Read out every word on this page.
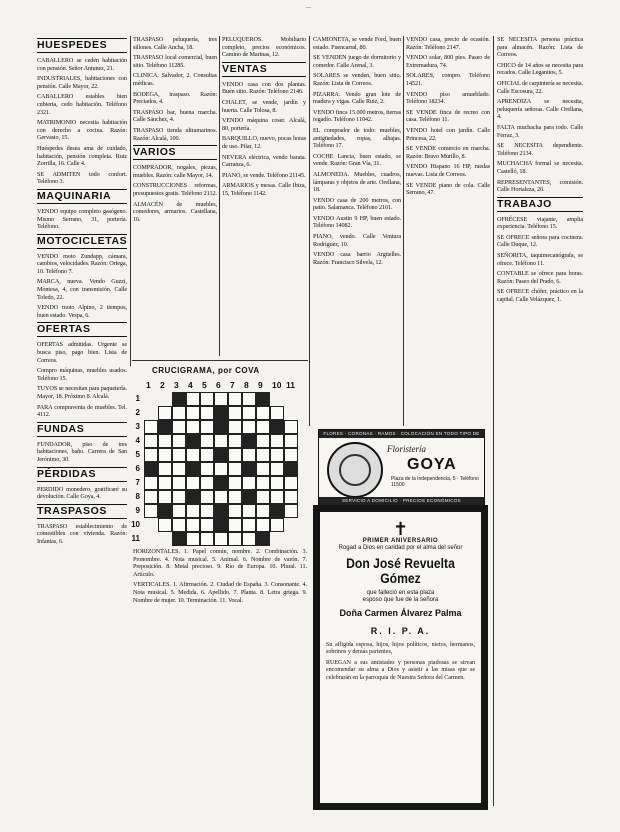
—
HUESPEDES

CABALLERO se ceden habitación con pensión. Señor Antunez, 21.

INDUSTRIALES, habitaciones con pensión. Calle Mayor, 22.

CABALLERO estables bien cubierta, cedo habitación. Teléfono 2321.

MATRIMONIO necesita habitación con derecho a cocina. Razón: Gervasio, 15.

Huéspedes desea ama de cuidado, habitación, pensión completa. Ruiz Zorrilla, 16. Calle 4.

SE ADMITEN todo confort. Teléfono 3.

MAQUINARIA

VENDO equipo completo gasógeno. Mismo Serrano, 31, portería. Teléfono.

MOTOCICLETAS

VENDO moto Zundapp, cámara, cambios, velocidades. Razón: Ortega, 10. Teléfono 7.

MARCA, nueva. Vendo Guzzi, Montesa, 4, con transmisión. Calle Toledo, 22.

VENDO moto Alpino, 2 tiempos, buen estado. Vespa, 6.

OFERTAS

OFERTAS admitidas. Urgente se busca piso, pago bien. Lista de Correos.

Compro máquinas, muebles usados. Teléfono 15.

TUYOS se necesitan para paquetería. Mayor, 18. Próximo 8. Alcalá.

PARA compraventa de muebles. Tel. 4112.

FUNDAS

FUNDADOR, piso de tres habitaciones, baño. Carrera de San Jerónimo, 30.

PÉRDIDAS

PERDIDO monedero, gratificaré su devolución. Calle Goya, 4.

TRASPASOS

TRASPASO establecimiento de comestibles con vivienda. Razón: Infantas, 6.

TRASPASO peluquería, tres sillones. Calle Ancha, 18.

TRASPASO local comercial, buen sitio. Teléfono 11285.

CLINICA. Salvador, 2. Consultas médicas.

BODEGA, traspaso. Razón: Preciados, 4.

TRASPASO bar, buena marcha. Calle Sánchez, 4.

TRASPASO tienda ultramarinos. Razón: Alcalá, 100.

VARIOS

COMPRADOR, nogales, piezas, muebles. Razón: calle Mayor, 14.

CONSTRUCCIONES reformas, presupuestos gratis. Teléfono 2112.

ALMACÉN de muebles, comedores, armarios. Castellana, 16.

PELUQUEROS. Mobiliario completo, precios económicos. Camino de Marinas, 12.

VENTAS

VENDO casa con dos plantas. Buen sitio. Razón: Teléfono 2146.

CHALET, se vende, jardín y huerta. Calle Tolosa, 8.

VENDO máquina coser. Alcalá, 80, portería.

BARQUILLO, nuevo, pocas horas de uso. Pilar, 12.

NEVERA eléctrica, vendo barata. Carranza, 6.

PIANO, se vende. Teléfono 21145.

ARMARIOS y mesas. Calle Ibiza, 15, Teléfono 1142.

CAMIONETA, se vende Ford, buen estado. Fuencarral, 80.

SE VENDEN juego de dormitorio y comedor. Calle Arenal, 3.

SOLARES se venden, buen sitio. Razón: Lista de Correos.

PIZARRA. Vendo gran lote de madera y vigas. Calle Ruiz, 2.

VENDO finca 15.000 metros, tierras regadío. Teléfono 11042.

EL comprador de todo: muebles, antigüedades, ropas, alhajas. Teléfono 17.

COCHE Lancia, buen estado, se vende. Razón: Gran Vía, 31.

ALMONEDA. Muebles, cuadros, lámparas y objetos de arte. Orellana, 18.

VENDO casa de 200 metros, con patio. Salamanca. Teléfono 2101.

VENDO Austin 9 HP, buen estado. Teléfono 14082.

PIANO, vendo. Calle Ventura Rodríguez, 10.

VENDO casa barrio Argüelles. Razón: Francisco Silvela, 12.

VENDO casa, precio de ocasión. Razón: Teléfono 2147.

VENDO solar, 800 pies. Paseo de Extremadura, 74.

SOLARES, compro. Teléfono 14521.

VENDO piso amueblado. Teléfono 18234.

SE VENDE finca de recreo con casa. Teléfono 11.

VENDO hotel con jardín. Calle Princesa, 22.

SE VENDE comercio en marcha. Razón: Bravo Murillo, 8.

VENDO Hispano 16 HP, ruedas nuevas. Lista de Correos.

SE VENDE piano de cola. Calle Serrano, 47.

SE NECESITA persona práctica para almacén. Razón: Lista de Correos.

CHICO de 14 años se necesita para recados. Calle Leganitos, 5.

OFICIAL de carpintería se necesita. Calle Escosura, 22.

APRENDIZA se necesita, peluquería señoras. Calle Orellana, 4.

FALTA muchacha para todo. Calle Ferraz, 3.

SE NECESITA dependiente. Teléfono 2134.

MUCHACHA formal se necesita. Castelló, 18.

REPRESENTANTES, comisión. Calle Hortaleza, 20.

TRABAJO

OFRÉCESE viajante, amplia experiencia. Teléfono 15.

SE OFRECE señora para cocinera. Calle Duque, 12.

SEÑORITA, taquimecanógrafa, se ofrece. Teléfono 11.

CONTABLE se ofrece para horas. Razón: Paseo del Prado, 6.

SE OFRECE chófer, práctico en la capital. Calle Velázquez, 1.

CRUCIGRAMA, por COVA
1 2 3 4 5 6 7 8 9 10 11
1
2
3
4
5
6
7
8
9
10
11

HORIZONTALES. 1. Papel común, nombre. 2. Combinación. 3. Pronombre. 4. Nota musical. 5. Animal. 6. Nombre de varón. 7. Preposición. 8. Metal precioso. 9. Río de Europa. 10. Plural. 11. Artículo.

VERTICALES. 1. Afirmación. 2. Ciudad de España. 3. Consonante. 4. Nota musical. 5. Medida. 6. Apellido. 7. Planta. 8. Letra griega. 9. Nombre de mujer. 10. Terminación. 11. Vocal.

FLORES · CORONAS · RAMOS · COLOCACIÓN EN TODO TIPO DE SEPELIOS
Floristería
GOYA
Plaza de la Independencia, 5 · Teléfono 11500
SERVICIO A DOMICILIO · PRECIOS ECONÓMICOS
✝
PRIMER ANIVERSARIO
Rogad a Dios en caridad por el alma del señor
Don José Revuelta Gómez
que falleció en esta plaza
esposo que fue de la señora
Doña Carmen Álvarez Palma
R. I. P. A.

Su afligida esposa, hijos, hijos políticos, nietos, hermanos, sobrinos y demás parientes,

RUEGAN a sus amistades y personas piadosas se sirvan encomendar su alma a Dios y asistir a las misas que se celebrarán en la parroquia de Nuestra Señora del Carmen.
